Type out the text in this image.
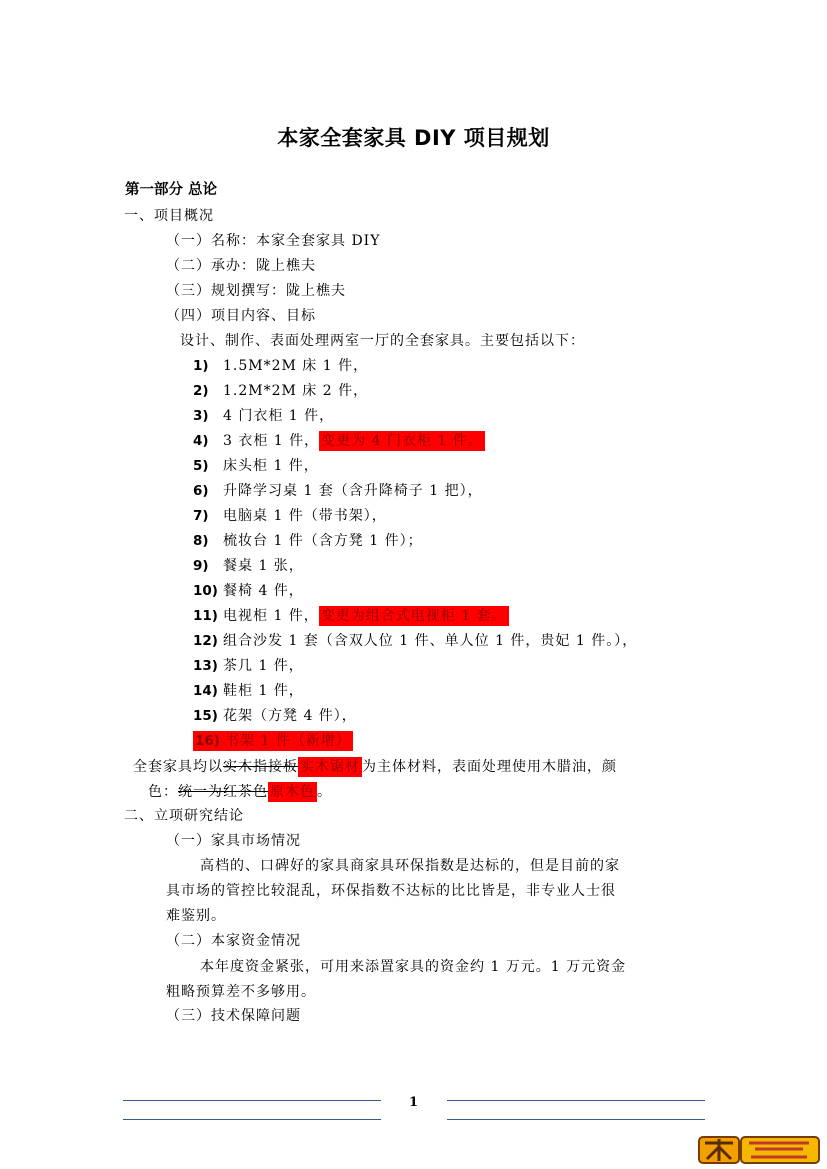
本家全套家具 DIY 项目规划
第一部分 总论
一、项目概况
（一）名称：本家全套家具 DIY
（二）承办：陇上樵夫
（三）规划撰写：陇上樵夫
（四）项目内容、目标
设计、制作、表面处理两室一厅的全套家具。主要包括以下：
1) 1.5M*2M 床 1 件，
2) 1.2M*2M 床 2 件，
3) 4 门衣柜 1 件，
4) 3 衣柜 1 件， 变更为 4 门衣柜 1 件。
5) 床头柜 1 件，
6) 升降学习桌 1 套（含升降椅子 1 把），
7) 电脑桌 1 件（带书架），
8) 梳妆台 1 件（含方凳 1 件）；
9) 餐桌 1 张，
10) 餐椅 4 件，
11) 电视柜 1 件， 变更为组合式电视柜 1 套。
12) 组合沙发 1 套（含双人位 1 件、单人位 1 件，贵妃 1 件。），
13) 茶几 1 件，
14) 鞋柜 1 件，
15) 花架（方凳 4 件），
16) 书架 1 件（新增）
全套家具均以实木指接板 实木锯材 为主体材料，表面处理使用木腊油，颜
色：统一为红茶色 原木色 。
二、立项研究结论
（一）家具市场情况
高档的、口碑好的家具商家具环保指数是达标的，但是目前的家
具市场的管控比较混乱，环保指数不达标的比比皆是，非专业人士很
难鉴别。
（二）本家资金情况
本年度资金紧张，可用来添置家具的资金约 1 万元。1 万元资金
粗略预算差不多够用。
（三）技术保障问题
1
